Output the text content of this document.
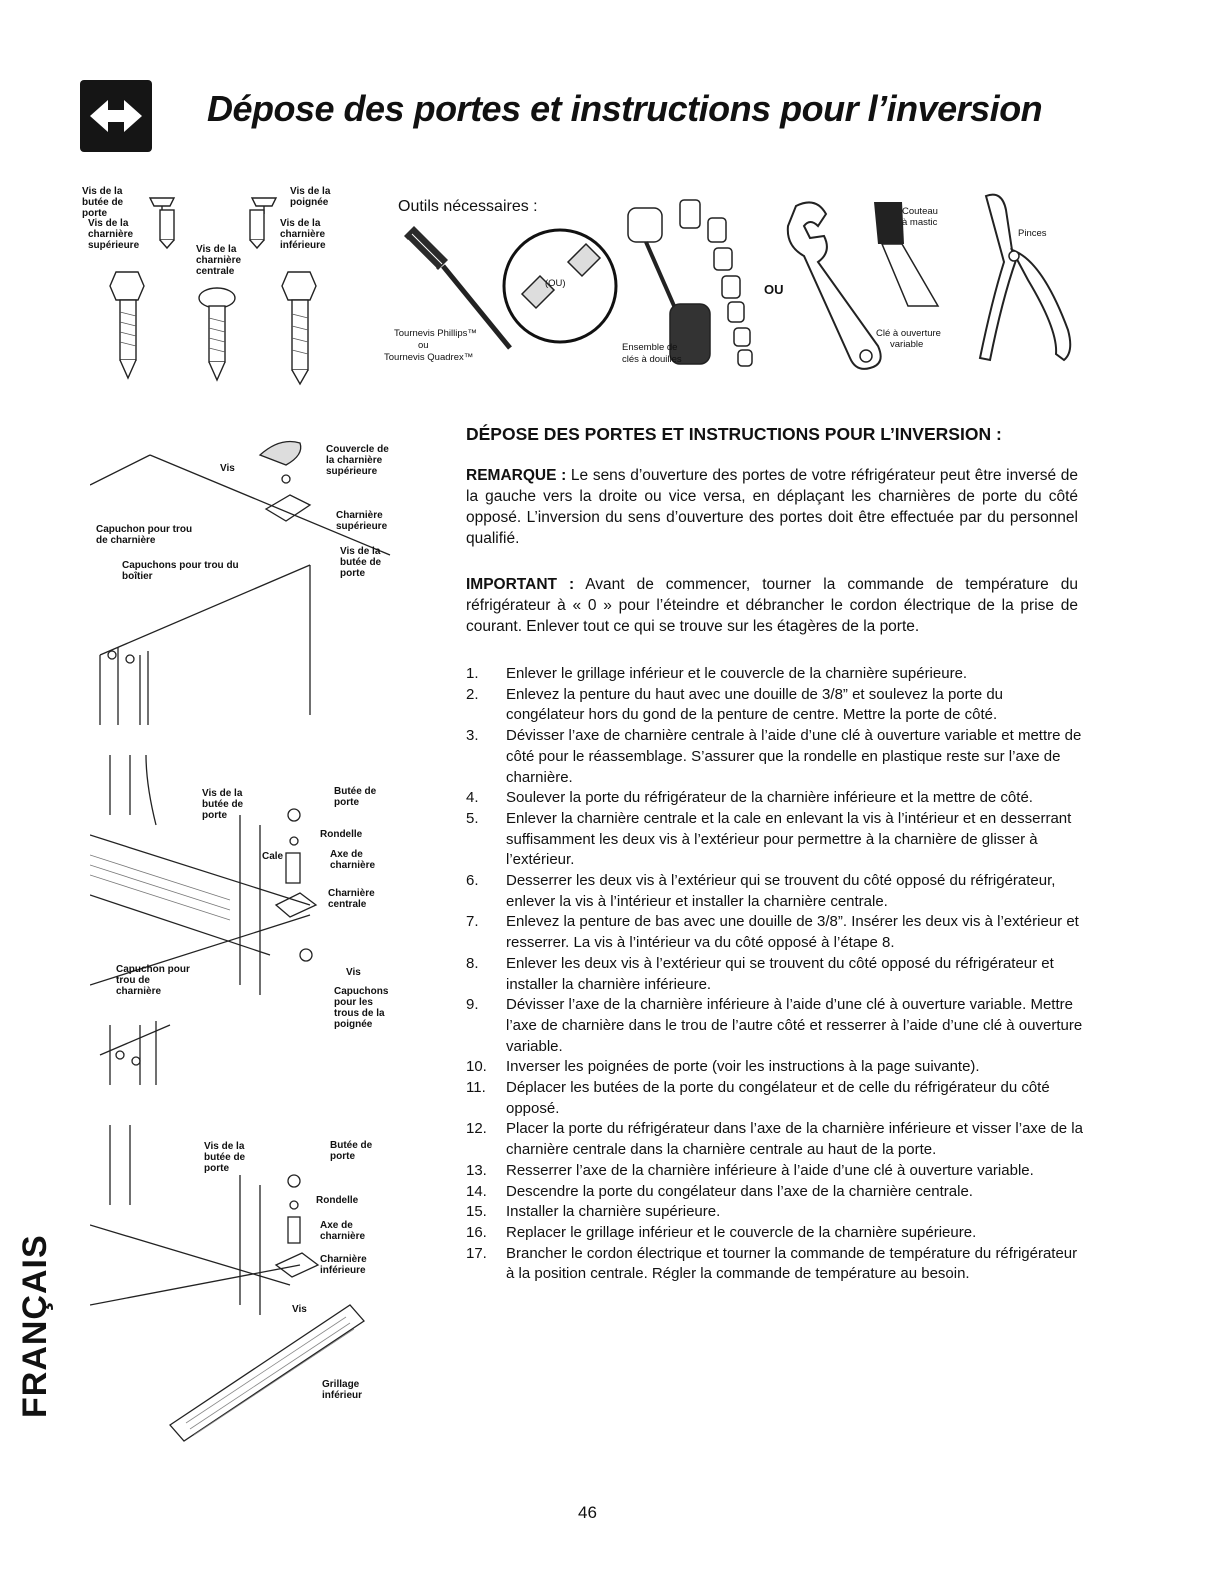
Dépose des portes et instructions pour l’inversion
Vis de la butée de porte
Vis de la poignée
Vis de la charnière supérieure	Vis de la charnière centrale
Vis de la charnière inférieure
Outils nécessaires :
(OU)
Ensemble de
clés à douilles
OU
Couteau
à mastic
Clé à ouverture
variable
Pinces
Tournevis Phillips™
ou
Tournevis Quadrex™
Couvercle de la charnière supérieure
Vis
Charnière supérieure
Capuchon pour trou de charnière
Vis de la butée de porte
Capuchons pour trou du boîtier
Vis de la butée de porte
Butée de porte
Rondelle
Cale	Axe de charnière
Charnière centrale
Vis
Capuchon pour trou de charnière	Capuchons pour les trous de la poignée
Vis de la butée de porte
Butée de porte
Rondelle
Axe de charnière
Charnière inférieure
Vis
Grillage inférieur
DÉPOSE DES PORTES ET INSTRUCTIONS POUR L’INVERSION :
REMARQUE : Le sens d’ouverture des portes de votre réfrigérateur peut être inversé de la gauche vers la droite ou vice versa, en déplaçant les charnières de porte du côté opposé. L’inversion du sens d’ouverture des portes doit être effectuée par du personnel qualifié.
IMPORTANT : Avant de commencer, tourner la commande de température du réfrigérateur à « 0 » pour l’éteindre et débrancher le cordon électrique de la prise de courant. Enlever tout ce qui se trouve sur les étagères de la porte.
1.	Enlever le grillage inférieur et le couvercle de la charnière supérieure.
2.	Enlevez la penture du haut avec une douille de 3/8” et soulevez la porte du congélateur hors du gond de la penture de centre. Mettre la porte de côté.
3.	Dévisser l’axe de charnière centrale à l’aide d’une clé à ouverture variable et mettre de côté pour le réassemblage. S’assurer que la rondelle en plastique reste sur l’axe de charnière.
4.	Soulever la porte du réfrigérateur de la charnière inférieure et la mettre de côté.
5.	Enlever la charnière centrale et la cale en enlevant la vis à l’intérieur et en desserrant suffisamment les deux vis à l’extérieur pour permettre à la charnière de glisser à l’extérieur.
6.	Desserrer les deux vis à l’extérieur qui se trouvent du côté opposé du réfrigérateur, enlever la vis à l’intérieur et installer la charnière centrale.
7.	Enlevez la penture de bas avec une douille de 3/8”. Insérer les deux vis à l’extérieur et resserrer. La vis à l’intérieur va du côté opposé à l’étape 8.
8.	Enlever les deux vis à l’extérieur qui se trouvent du côté opposé du réfrigérateur et installer la charnière inférieure.
9.	Dévisser l’axe de la charnière inférieure à l’aide d’une clé à ouverture variable. Mettre l’axe de charnière dans le trou de l’autre côté et resserrer à l’aide d’une clé à ouverture variable.
10.	Inverser les poignées de porte (voir les instructions à la page suivante).
11.	Déplacer les butées de la porte du congélateur et de celle du réfrigérateur du côté opposé.
12.	Placer la porte du réfrigérateur dans l’axe de la charnière inférieure et visser l’axe de la charnière centrale dans la charnière centrale au haut de la porte.
13.	Resserrer l’axe de la charnière inférieure à l’aide d’une clé à ouverture variable.
14.	Descendre la porte du congélateur dans l’axe de la charnière centrale.
15.	Installer la charnière supérieure.
16.	Replacer le grillage inférieur et le couvercle de la charnière supérieure.
17.	Brancher le cordon électrique et tourner la commande de température du réfrigérateur à la position centrale. Régler la commande de température au besoin.
46
FRANÇAIS
